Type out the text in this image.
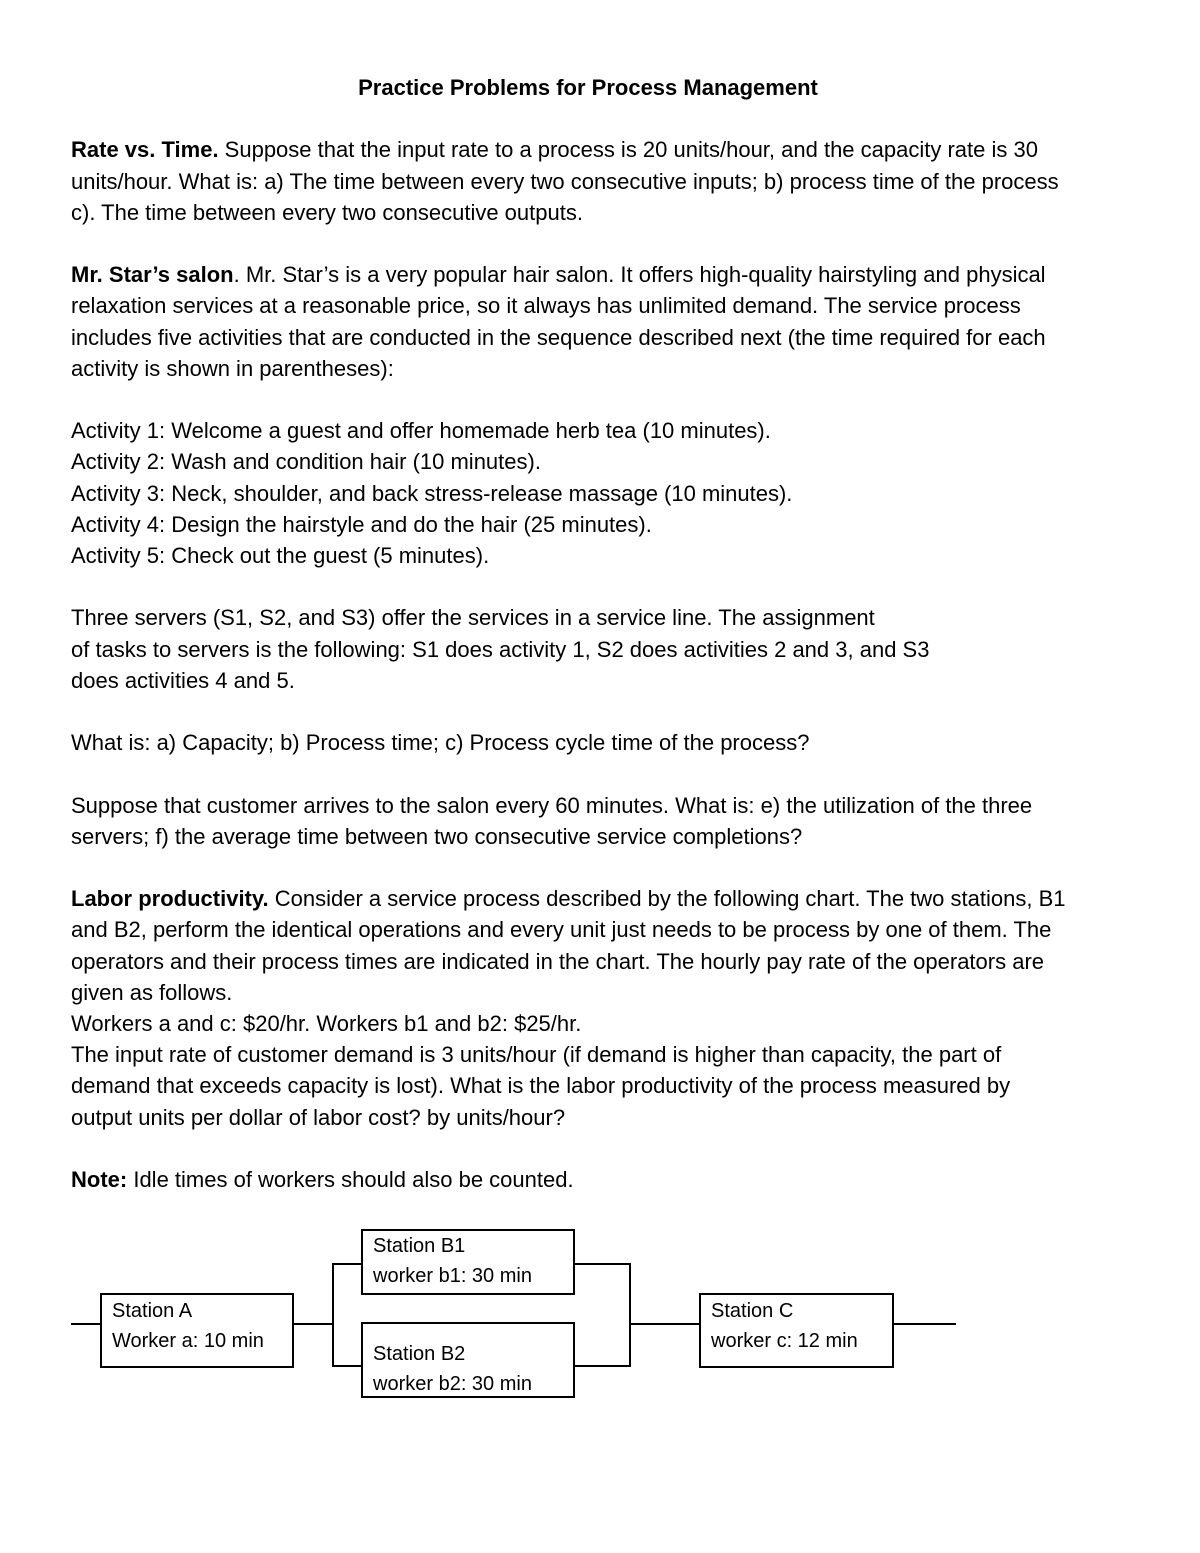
Practice Problems for Process Management

Rate vs. Time. Suppose that the input rate to a process is 20 units/hour, and the capacity rate is 30
units/hour. What is: a) The time between every two consecutive inputs; b) process time of the process
c). The time between every two consecutive outputs.

Mr. Star’s salon. Mr. Star’s is a very popular hair salon. It offers high-quality hairstyling and physical
relaxation services at a reasonable price, so it always has unlimited demand. The service process
includes five activities that are conducted in the sequence described next (the time required for each
activity is shown in parentheses):

Activity 1: Welcome a guest and offer homemade herb tea (10 minutes).
Activity 2: Wash and condition hair (10 minutes).
Activity 3: Neck, shoulder, and back stress-release massage (10 minutes).
Activity 4: Design the hairstyle and do the hair (25 minutes).
Activity 5: Check out the guest (5 minutes).

Three servers (S1, S2, and S3) offer the services in a service line. The assignment
of tasks to servers is the following: S1 does activity 1, S2 does activities 2 and 3, and S3
does activities 4 and 5.

What is: a) Capacity; b) Process time; c) Process cycle time of the process?

Suppose that customer arrives to the salon every 60 minutes. What is: e) the utilization of the three
servers; f) the average time between two consecutive service completions?

Labor productivity. Consider a service process described by the following chart. The two stations, B1
and B2, perform the identical operations and every unit just needs to be process by one of them. The
operators and their process times are indicated in the chart. The hourly pay rate of the operators are
given as follows.
Workers a and c: $20/hr. Workers b1 and b2: $25/hr.
The input rate of customer demand is 3 units/hour (if demand is higher than capacity, the part of
demand that exceeds capacity is lost). What is the labor productivity of the process measured by
output units per dollar of labor cost? by units/hour?

Note: Idle times of workers should also be counted.

Station A
Worker a: 10 min
Station B1
worker b1: 30 min
Station B2
worker b2: 30 min
Station C
worker c: 12 min
